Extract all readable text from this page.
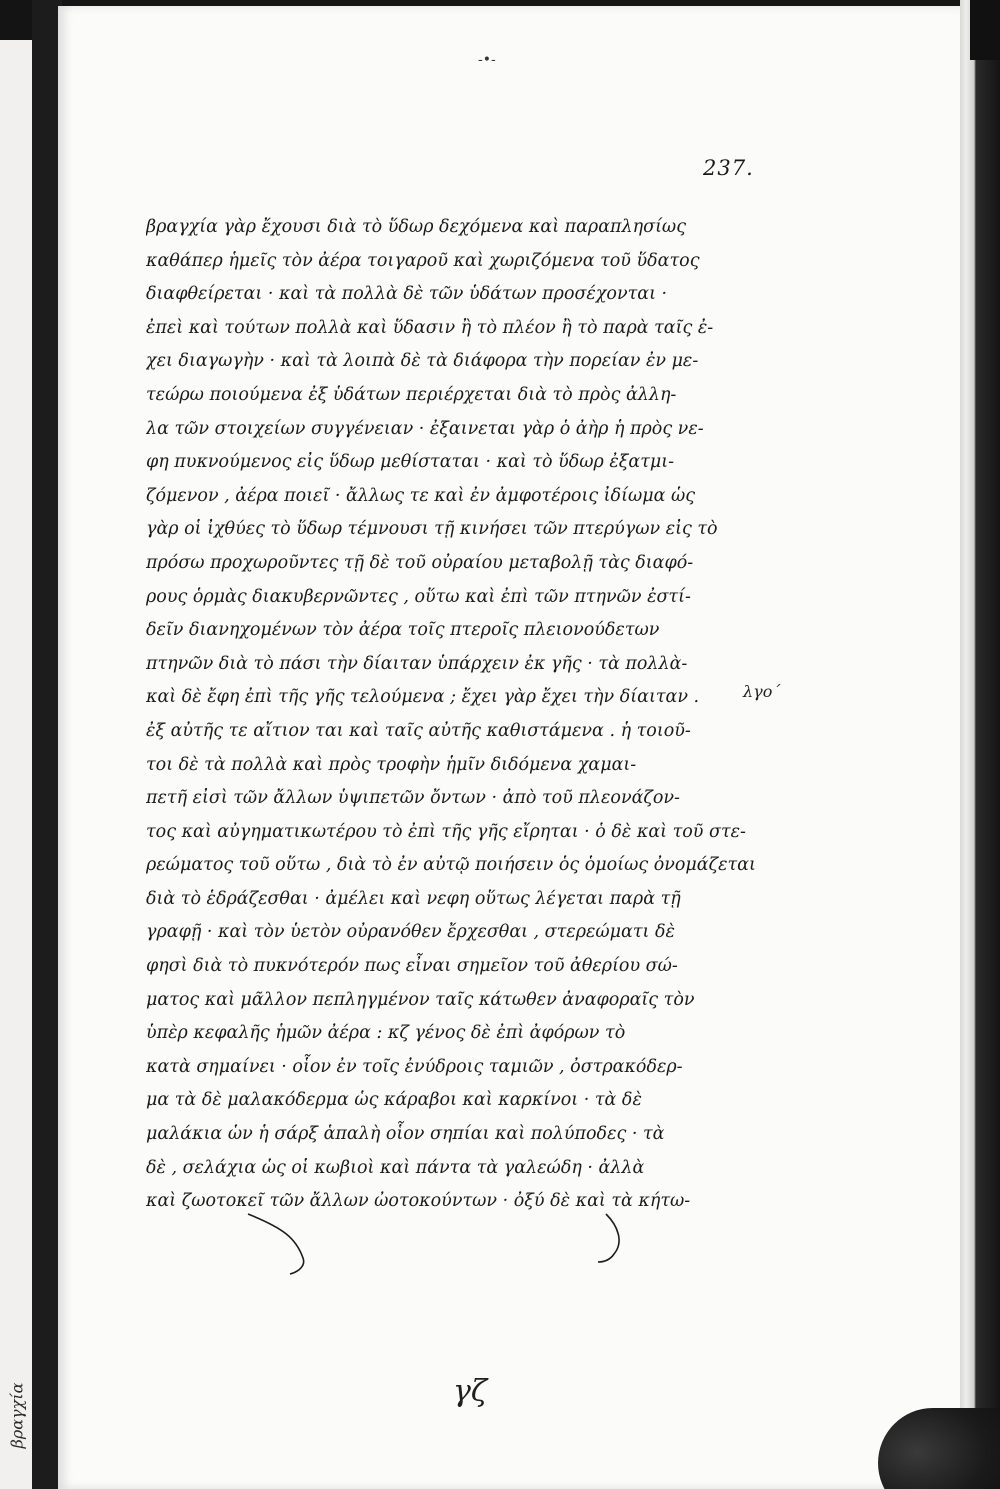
βραγχία
-•-
237.
βραγχία γὰρ ἔχουσι διὰ τὸ ὕδωρ δεχόμενα καὶ παραπλησίως
καθάπερ ἡμεῖς τὸν ἀέρα τοιγαροῦ καὶ χωριζόμενα τοῦ ὕδατος
διαφθείρεται · καὶ τὰ πολλὰ δὲ τῶν ὑδάτων προσέχονται ·
ἐπεὶ καὶ τούτων πολλὰ καὶ ὕδασιν ἢ τὸ πλέον ἢ τὸ παρὰ ταῖς ἐ-
χει διαγωγὴν · καὶ τὰ λοιπὰ δὲ τὰ διάφορα τὴν πορείαν ἐν με-
τεώρω ποιούμενα ἐξ ὑδάτων περιέρχεται διὰ τὸ πρὸς ἀλλη-
λα τῶν στοιχείων συγγένειαν · ἐξαινεται γὰρ ὁ ἀὴρ ἡ πρὸς νε-
φη πυκνούμενος εἰς ὕδωρ μεθίσταται · καὶ τὸ ὕδωρ ἐξατμι-
ζόμενον , ἀέρα ποιεῖ · ἄλλως τε καὶ ἐν ἀμφοτέροις ἰδίωμα ὡς
γὰρ οἱ ἰχθύες τὸ ὕδωρ τέμνουσι τῇ κινήσει τῶν πτερύγων εἰς τὸ
πρόσω προχωροῦντες τῇ δὲ τοῦ οὐραίου μεταβολῇ τὰς διαφό-
ρους ὁρμὰς διακυβερνῶντες , οὕτω καὶ ἐπὶ τῶν πτηνῶν ἐστί-
δεῖν διανηχομένων τὸν ἀέρα τοῖς πτεροῖς πλειονούδετων
πτηνῶν διὰ τὸ πάσι τὴν δίαιταν ὑπάρχειν ἐκ γῆς · τὰ πολλὰ-
καὶ δὲ ἔφη ἐπὶ τῆς γῆς τελούμενα ; ἔχει γὰρ ἔχει τὴν δίαιταν .
ἐξ αὐτῆς τε αἴτιον ται καὶ ταῖς αὐτῆς καθιστάμενα . ἡ τοιοῦ-
τοι δὲ τὰ πολλὰ καὶ πρὸς τροφὴν ἡμῖν διδόμενα χαμαι-
πετῆ εἰσὶ τῶν ἄλλων ὑψιπετῶν ὄντων · ἀπὸ τοῦ πλεονάζον-
τος καὶ αὐγηματικωτέρου τὸ ἐπὶ τῆς γῆς εἴρηται · ὁ δὲ καὶ τοῦ στε-
ρεώματος τοῦ οὕτω , διὰ τὸ ἐν αὐτῷ ποιήσειν ὁς ὁμοίως ὀνομάζεται
διὰ τὸ ἑδράζεσθαι · ἀμέλει καὶ νεφη οὕτως λέγεται παρὰ τῇ
γραφῇ · καὶ τὸν ὑετὸν οὐρανόθεν ἔρχεσθαι , στερεώματι δὲ
φησὶ διὰ τὸ πυκνότερόν πως εἶναι σημεῖον τοῦ ἀθερίου σώ-
ματος καὶ μᾶλλον πεπληγμένον ταῖς κάτωθεν ἀναφοραῖς τὸν
ὑπὲρ κεφαλῆς ἡμῶν ἀέρα : κζ γένος δὲ ἐπὶ ἀφόρων τὸ
κατὰ σημαίνει · οἷον ἐν τοῖς ἐνύδροις ταμιῶν , ὀστρακόδερ-
μα τὰ δὲ μαλακόδερμα ὡς κάραβοι καὶ καρκίνοι · τὰ δὲ
μαλάκια ὡν ἡ σάρξ ἁπαλὴ οἷον σηπίαι καὶ πολύποδες · τὰ
δὲ , σελάχια ὡς οἱ κωβιοὶ καὶ πάντα τὰ γαλεώδη · ἀλλὰ
καὶ ζωοτοκεῖ τῶν ἄλλων ὠοτοκούντων · ὀξύ δὲ καὶ τὰ κήτω-
λγο΄
γζ
